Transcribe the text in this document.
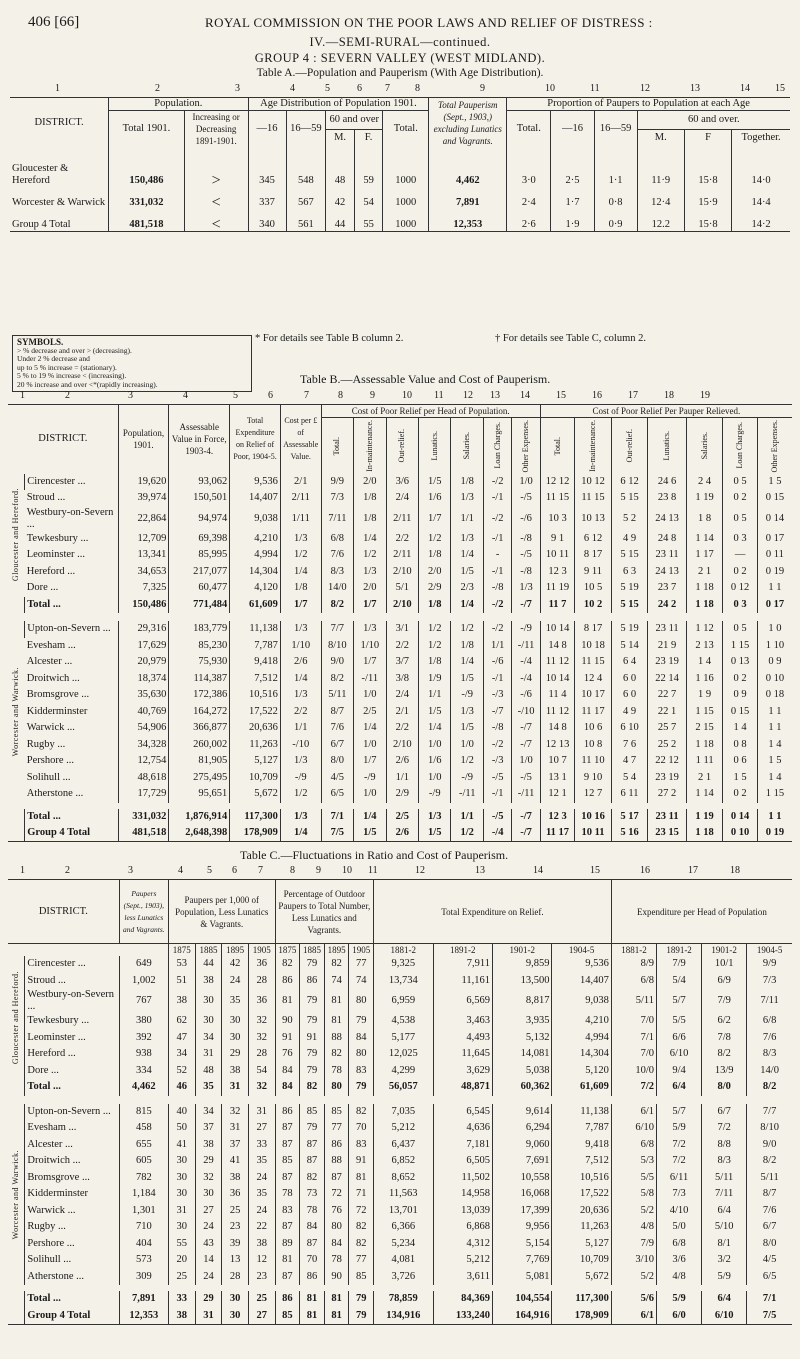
406 [66]	ROYAL COMMISSION ON THE POOR LAWS AND RELIEF OF DISTRESS :
IV.—SEMI-RURAL—continued.
GROUP 4 : SEVERN VALLEY (WEST MIDLAND).
Table A.—Population and Pauperism (With Age Distribution).
1	2	3	4	5	6 7	8	9	10	11	12	13	14	15
DISTRICT.	Population.		Age Distribution of Population 1901.					Total Pauperism (Sept., 1903,) excluding Lunatics and Vagrants.	Proportion of Paupers to Population at each Age					
	Total 1901.	Increasing or Decreasing 1891-1901.	—16	16—59	60 and over		Total.		Total.	—16	16—59	60 and over.		
					M.	F.						M.	F	Together.
Gloucester & Hereford	150,486	>	345	548	48	59	1000	4,462	3·0	2·5	1·1	11·9	15·8	14·0
Worcester & Warwick	331,032	<	337	567	42	54	1000	7,891	2·4	1·7	0·8	12·4	15·9	14·4
Group 4 Total	481,518	<	340	561	44	55	1000	12,353	2·6	1·9	0·9	12.2	15·8	14·2
SYMBOLS.
> % decrease and over > (decreasing).
Under 2 % decrease and
up to 5 % increase = (stationary).
5 % to 19 % increase < (increasing).
20 % increase and over <*(rapidly increasing).
* For details see Table B column 2.	† For details see Table C, column 2.
Table B.—Assessable Value and Cost of Pauperism.
1	2	3	4	5	6	7	8	9	10 11 12 13 14	15	16	17	18	19
DISTRICT.		Population, 1901.	Assessable Value in Force, 1903-4.	Total Expenditure on Relief of Poor, 1904-5.	Cost per £ of Assessable Value.	Cost of Poor Relief per Head of Population.							Cost of Poor Relief Per Pauper Relieved.						

						Total.	In-maintenance.	Out-relief.	Lunatics.	Salaries.	Loan Charges.	Other Expenses.	Total.	In-maintenance.	Out-relief.	Lunatics.	Salaries.	Loan Charges.	Other Expenses.

Gloucester and Hereford.	Cirencester ...	19,620	93,062	9,536	2/1	9/9	2/0	3/6	1/5	1/8	-/2	1/0	12 12	10 12	6 12	24 6	2 4	0 5	1 5
	Stroud ...	39,974	150,501	14,407	2/11	7/3	1/8	2/4	1/6	1/3	-/1	-/5	11 15	11 15	5 15	23 8	1 19	0 2	0 15
	Westbury-on-Severn ...	22,864	94,974	9,038	1/11	7/11	1/8	2/11	1/7	1/1	-/2	-/6	10 3	10 13	5 2	24 13	1 8	0 5	0 14
	Tewkesbury ...	12,709	69,398	4,210	1/3	6/8	1/4	2/2	1/2	1/3	-/1	-/8	9 1	6 12	4 9	24 8	1 14	0 3	0 17
	Leominster ...	13,341	85,995	4,994	1/2	7/6	1/2	2/11	1/8	1/4	-	-/5	10 11	8 17	5 15	23 11	1 17	—	0 11
	Hereford ...	34,653	217,077	14,304	1/4	8/3	1/3	2/10	2/0	1/5	-/1	-/8	12 3	9 11	6 3	24 13	2 1	0 2	0 19
	Dore ...	7,325	60,477	4,120	1/8	14/0	2/0	5/1	2/9	2/3	-/8	1/3	11 19	10 5	5 19	23 7	1 18	0 12	1 1
	Total ...	150,486	771,484	61,609	1/7	8/2	1/7	2/10	1/8	1/4	-/2	-/7	11 7	10 2	5 15	24 2	1 18	0 3	0 17

Worcester and Warwick.	Upton-on-Severn ...	29,316	183,779	11,138	1/3	7/7	1/3	3/1	1/2	1/2	-/2	-/9	10 14	8 17	5 19	23 11	1 12	0 5	1 0
	Evesham ...	17,629	85,230	7,787	1/10	8/10	1/10	2/2	1/2	1/8	1/1	-/11	14 8	10 18	5 14	21 9	2 13	1 15	1 10
	Alcester ...	20,979	75,930	9,418	2/6	9/0	1/7	3/7	1/8	1/4	-/6	-/4	11 12	11 15	6 4	23 19	1 4	0 13	0 9
	Droitwich ...	18,374	114,387	7,512	1/4	8/2	-/11	3/8	1/9	1/5	-/1	-/4	10 14	12 4	6 0	22 14	1 16	0 2	0 10
	Bromsgrove ...	35,630	172,386	10,516	1/3	5/11	1/0	2/4	1/1	-/9	-/3	-/6	11 4	10 17	6 0	22 7	1 9	0 9	0 18
	Kidderminster	40,769	164,272	17,522	2/2	8/7	2/5	2/1	1/5	1/3	-/7	-/10	11 12	11 17	4 9	22 1	1 15	0 15	1 1
	Warwick ...	54,906	366,877	20,636	1/1	7/6	1/4	2/2	1/4	1/5	-/8	-/7	14 8	10 6	6 10	25 7	2 15	1 4	1 1
	Rugby ...	34,328	260,002	11,263	-/10	6/7	1/0	2/10	1/0	1/0	-/2	-/7	12 13	10 8	7 6	25 2	1 18	0 8	1 4
	Pershore ...	12,754	81,905	5,127	1/3	8/0	1/7	2/6	1/6	1/2	-/3	1/0	10 7	11 10	4 7	22 12	1 11	0 6	1 5
	Solihull ...	48,618	275,495	10,709	-/9	4/5	-/9	1/1	1/0	-/9	-/5	-/5	13 1	9 10	5 4	23 19	2 1	1 5	1 4
	Atherstone ...	17,729	95,651	5,672	1/2	6/5	1/0	2/9	-/9	-/11	-/1	-/11	12 1	12 7	6 11	27 2	1 14	0 2	1 15

	Total ...	331,032	1,876,914	117,300	1/3	7/1	1/4	2/5	1/3	1/1	-/5	-/7	12 3	10 16	5 17	23 11	1 19	0 14	1 1
	Group 4 Total	481,518	2,648,398	178,909	1/4	7/5	1/5	2/6	1/5	1/2	-/4	-/7	11 17	10 11	5 16	23 15	1 18	0 10	0 19
Table C.—Fluctuations in Ratio and Cost of Pauperism.
1	2	3	4 5 6 7	8 9 10 11	12	13	14	15	16	17	18
DISTRICT.		Paupers (Sept., 1903), less Lunatics and Vagrants.	Paupers per 1,000 of Population, Less Lunatics & Vagrants.				Percentage of Outdoor Paupers to Total Number, Less Lunatics and Vagrants.				Total Expenditure on Relief.				Expenditure per Head of Population			
			1875	1885	1895	1905	1875	1885	1895	1905	1881-2	1891-2	1901-2	1904-5	1881-2	1891-2	1901-2	1904-5

Gloucester and Hereford.	Cirencester ...	649	53	44	42	36	82	79	82	77	9,325	7,911	9,859	9,536	8/9	7/9	10/1	9/9
	Stroud ...	1,002	51	38	24	28	86	86	74	74	13,734	11,161	13,500	14,407	6/8	5/4	6/9	7/3
	Westbury-on-Severn ...	767	38	30	35	36	81	79	81	80	6,959	6,569	8,817	9,038	5/11	5/7	7/9	7/11
	Tewkesbury ...	380	62	30	30	32	90	79	81	79	4,538	3,463	3,935	4,210	7/0	5/5	6/2	6/8
	Leominster ...	392	47	34	30	32	91	91	88	84	5,177	4,493	5,132	4,994	7/1	6/6	7/8	7/6
	Hereford ...	938	34	31	29	28	76	79	82	80	12,025	11,645	14,081	14,304	7/0	6/10	8/2	8/3
	Dore ...	334	52	48	38	54	84	79	78	83	4,299	3,629	5,038	5,120	10/0	9/4	13/9	14/0
	Total ...	4,462	46	35	31	32	84	82	80	79	56,057	48,871	60,362	61,609	7/2	6/4	8/0	8/2

Worcester and Warwick.	Upton-on-Severn ...	815	40	34	32	31	86	85	85	82	7,035	6,545	9,614	11,138	6/1	5/7	6/7	7/7
	Evesham ...	458	50	37	31	27	87	79	77	70	5,212	4,636	6,294	7,787	6/10	5/9	7/2	8/10
	Alcester ...	655	41	38	37	33	87	87	86	83	6,437	7,181	9,060	9,418	6/8	7/2	8/8	9/0
	Droitwich ...	605	30	29	41	35	85	87	88	91	6,852	6,505	7,691	7,512	5/3	7/2	8/3	8/2
	Bromsgrove ...	782	30	32	38	24	87	82	87	81	8,652	11,502	10,558	10,516	5/5	6/11	5/11	5/11
	Kidderminster	1,184	30	30	36	35	78	73	72	71	11,563	14,958	16,068	17,522	5/8	7/3	7/11	8/7
	Warwick ...	1,301	31	27	25	24	83	78	76	72	13,701	13,039	17,399	20,636	5/2	4/10	6/4	7/6
	Rugby ...	710	30	24	23	22	87	84	80	82	6,366	6,868	9,956	11,263	4/8	5/0	5/10	6/7
	Pershore ...	404	55	43	39	38	89	87	84	82	5,234	4,312	5,154	5,127	7/9	6/8	8/1	8/0
	Solihull ...	573	20	14	13	12	81	70	78	77	4,081	5,212	7,769	10,709	3/10	3/6	3/2	4/5
	Atherstone ...	309	25	24	28	23	87	86	90	85	3,726	3,611	5,081	5,672	5/2	4/8	5/9	6/5

	Total ...	7,891	33	29	30	25	86	81	81	79	78,859	84,369	104,554	117,300	5/6	5/9	6/4	7/1
	Group 4 Total	12,353	38	31	30	27	85	81	81	79	134,916	133,240	164,916	178,909	6/1	6/0	6/10	7/5
